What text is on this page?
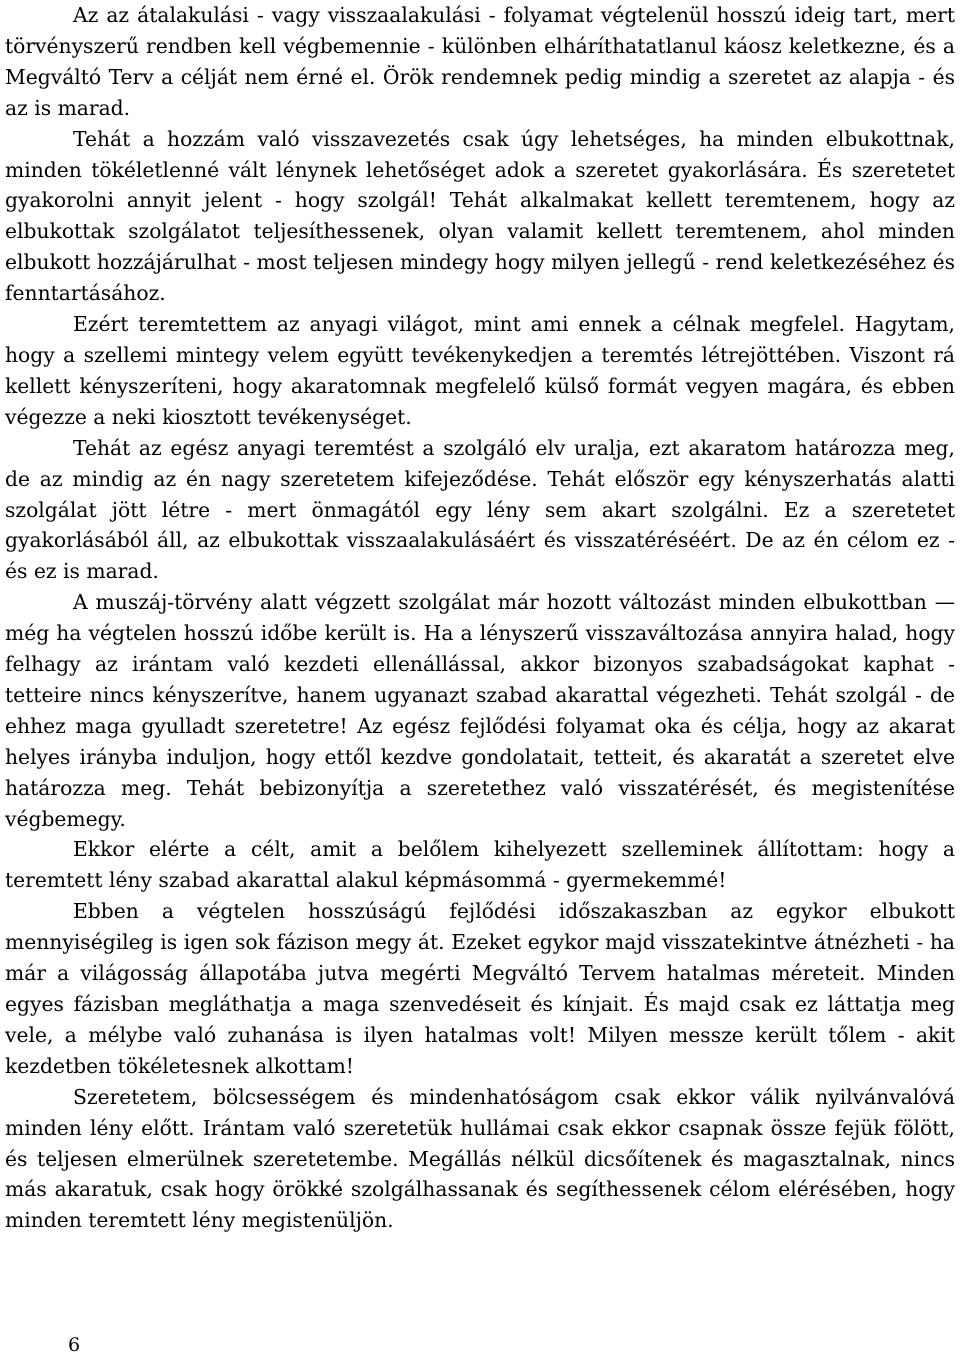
Az az átalakulási - vagy visszaalakulási - folyamat végtelenül hosszú ideig tart, mert törvényszerű rendben kell végbemennie - különben elháríthatatlanul káosz keletkezne, és a Megváltó Terv a célját nem érné el. Örök rendemnek pedig mindig a szeretet az alapja - és az is marad.

Tehát a hozzám való visszavezetés csak úgy lehetséges, ha minden elbukottnak, minden tökéletlenné vált lénynek lehetőséget adok a szeretet gyakorlására. És szeretetet gyakorolni annyit jelent - hogy szolgál! Tehát alkalmakat kellett teremtenem, hogy az elbukottak szolgálatot teljesíthessenek, olyan valamit kellett teremtenem, ahol minden elbukott hozzájárulhat - most teljesen mindegy hogy milyen jellegű - rend keletkezéséhez és fenntartásához.

Ezért teremtettem az anyagi világot, mint ami ennek a célnak megfelel. Hagytam, hogy a szellemi mintegy velem együtt tevékenykedjen a teremtés létrejöttében. Viszont rá kellett kényszeríteni, hogy akaratomnak megfelelő külső formát vegyen magára, és ebben végezze a neki kiosztott tevékenységet.

Tehát az egész anyagi teremtést a szolgáló elv uralja, ezt akaratom határozza meg, de az mindig az én nagy szeretetem kifejeződése. Tehát először egy kényszerhatás alatti szolgálat jött létre - mert önmagától egy lény sem akart szolgálni. Ez a szeretetet gyakorlásából áll, az elbukottak visszaalakulásáért és visszatéréséért. De az én célom ez - és ez is marad.

A muszáj-törvény alatt végzett szolgálat már hozott változást minden elbukottban — még ha végtelen hosszú időbe került is. Ha a lényszerű visszaváltozása annyira halad, hogy felhagy az irántam való kezdeti ellenállással, akkor bizonyos szabadságokat kaphat - tetteire nincs kényszerítve, hanem ugyanazt szabad akarattal végezheti. Tehát szolgál - de ehhez maga gyulladt szeretetre! Az egész fejlődési folyamat oka és célja, hogy az akarat helyes irányba induljon, hogy ettől kezdve gondolatait, tetteit, és akaratát a szeretet elve határozza meg. Tehát bebizonyítja a szeretethez való visszatérését, és megistenítése végbemegy.

Ekkor elérte a célt, amit a belőlem kihelyezett szelleminek állítottam: hogy a teremtett lény szabad akarattal alakul képmásommá - gyermekemmé!

Ebben a végtelen hosszúságú fejlődési időszakaszban az egykor elbukott mennyiségileg is igen sok fázison megy át. Ezeket egykor majd visszatekintve átnézheti - ha már a világosság állapotába jutva megérti Megváltó Tervem hatalmas méreteit. Minden egyes fázisban megláthatja a maga szenvedéseit és kínjait. És majd csak ez láttatja meg vele, a mélybe való zuhanása is ilyen hatalmas volt! Milyen messze került tőlem - akit kezdetben tökéletesnek alkottam!

Szeretetem, bölcsességem és mindenhatóságom csak ekkor válik nyilvánvalóvá minden lény előtt. Irántam való szeretetük hullámai csak ekkor csapnak össze fejük fölött, és teljesen elmerülnek szeretetembe. Megállás nélkül dicsőítenek és magasztalnak, nincs más akaratuk, csak hogy örökké szolgálhassanak és segíthessenek célom elérésében, hogy minden teremtett lény megistenüljön.

6
